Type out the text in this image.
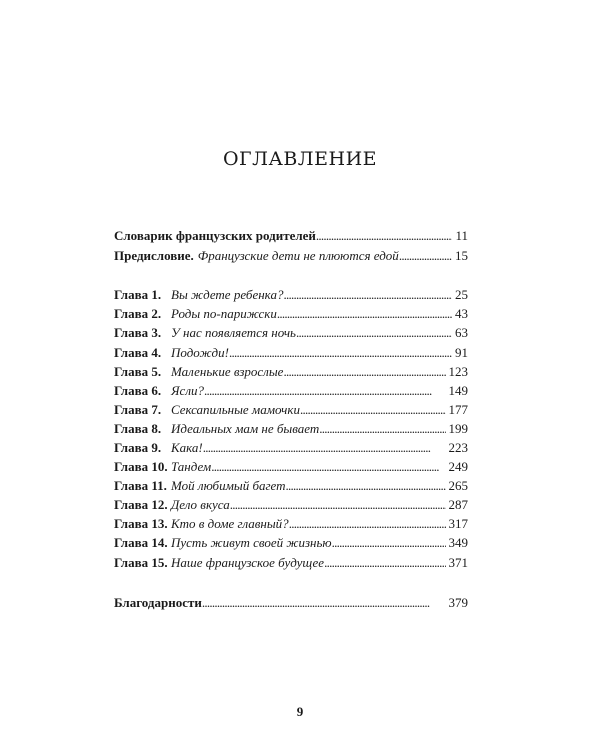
ОГЛАВЛЕНИЕ
Словарик французских родителей . . .	11
Предисловие. Французские дети не плюются едой . . .	15
Глава 1. Вы ждете ребенка? . . .	25
Глава 2. Роды по-парижски . . .	43
Глава 3. У нас появляется ночь . . .	63
Глава 4. Подожди! . . .	91
Глава 5. Маленькие взрослые . . .	123
Глава 6. Ясли? . . .	149
Глава 7. Сексапильные мамочки . . .	177
Глава 8. Идеальных мам не бывает . . .	199
Глава 9. Кака! . . .	223
Глава 10. Тандем . . .	249
Глава 11. Мой любимый багет . . .	265
Глава 12. Дело вкуса . . .	287
Глава 13. Кто в доме главный? . . .	317
Глава 14. Пусть живут своей жизнью . . .	349
Глава 15. Наше французское будущее . . .	371
Благодарности . . .	379
9
